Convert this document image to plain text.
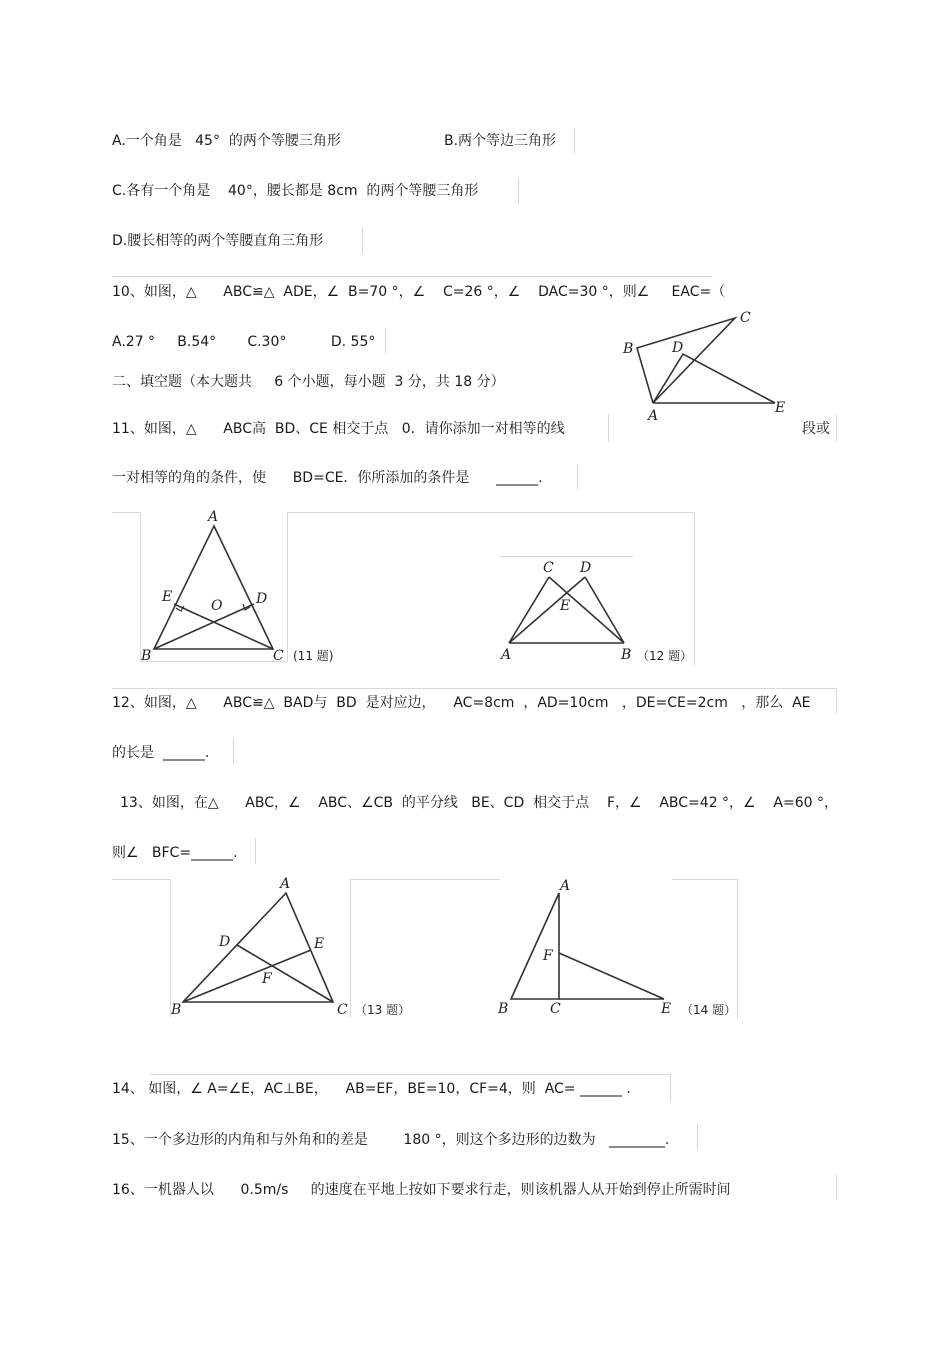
A.一个角是   45°  的两个等腰三角形	B.两个等边三角形
C.各有一个角是    40°，腰长都是 8cm  的两个等腰三角形
D.腰长相等的两个等腰直角三角形
10、如图，△      ABC≌△  ADE，∠  B=70 °，∠    C=26 °，∠    DAC=30 °，则∠     EAC=（
A.27 °     B.54°       C.30°          D. 55°
A
B
C
D
E
二、填空题（本大题共     6 个小题，每小题  3 分，共 18 分）
11、如图，△      ABC高  BD、CE 相交于点   0．请你添加一对相等的线	段或
一对相等的角的条件，使      BD=CE．你所添加的条件是      ______.
A
B	C
D
E
O
(11 题)	A	B
C D
E
（12 题）
12、如图，△      ABC≌△  BAD与  BD  是对应边，    AC=8cm  ，AD=10cm   ，DE=CE=2cm   ，那么  AE
的长是  ______.
13、如图，在△      ABC，∠    ABC、∠CB  的平分线   BE、CD  相交于点    F，∠    ABC=42 °，∠    A=60 °，
则∠   BFC=______.
A
B	C
D	E
F
（13 题）
A
B	C	E
F
（14 题）
14、 如图，∠ A=∠E，AC⊥BE，    AB=EF，BE=10，CF=4，则  AC= ______ .
15、一个多边形的内角和与外角和的差是        180 °，则这个多边形的边数为   ________.
16、一机器人以      0.5m/s     的速度在平地上按如下要求行走，则该机器人从开始到停止所需时间
